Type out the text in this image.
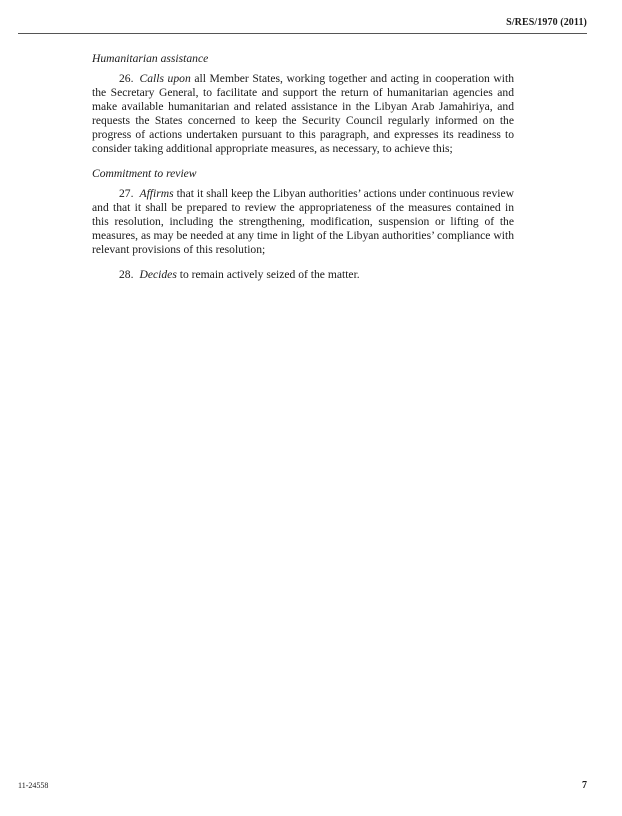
S/RES/1970 (2011)
Humanitarian assistance

26. Calls upon all Member States, working together and acting in cooperation with the Secretary General, to facilitate and support the return of humanitarian agencies and make available humanitarian and related assistance in the Libyan Arab Jamahiriya, and requests the States concerned to keep the Security Council regularly informed on the progress of actions undertaken pursuant to this paragraph, and expresses its readiness to consider taking additional appropriate measures, as necessary, to achieve this;

Commitment to review

27. Affirms that it shall keep the Libyan authorities’ actions under continuous review and that it shall be prepared to review the appropriateness of the measures contained in this resolution, including the strengthening, modification, suspension or lifting of the measures, as may be needed at any time in light of the Libyan authorities’ compliance with relevant provisions of this resolution;

28. Decides to remain actively seized of the matter.

11-24558	7
